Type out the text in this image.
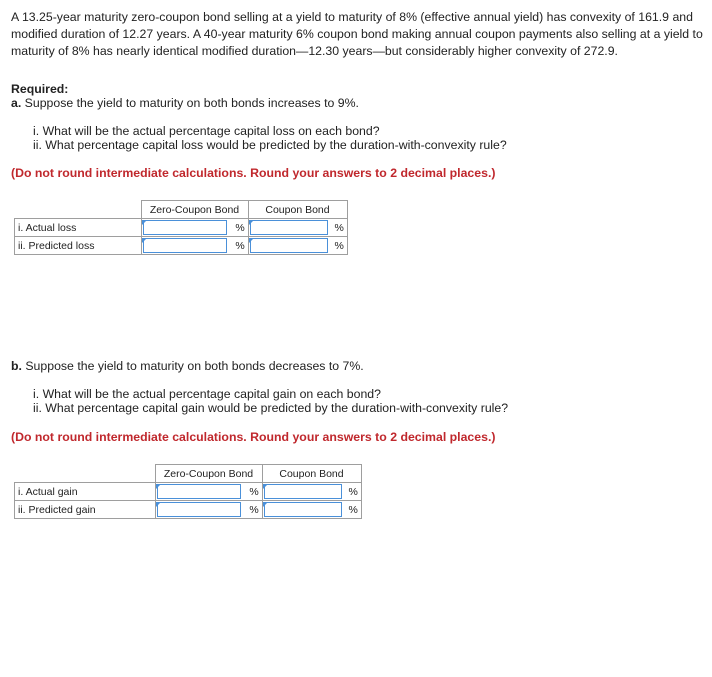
A 13.25-year maturity zero-coupon bond selling at a yield to maturity of 8% (effective annual yield) has convexity of 161.9 and modified duration of 12.27 years. A 40-year maturity 6% coupon bond making annual coupon payments also selling at a yield to maturity of 8% has nearly identical modified duration—12.30 years—but considerably higher convexity of 272.9.

Required:

a. Suppose the yield to maturity on both bonds increases to 9%.

i. What will be the actual percentage capital loss on each bond?

ii. What percentage capital loss would be predicted by the duration-with-convexity rule?

(Do not round intermediate calculations. Round your answers to 2 decimal places.)

	Zero-Coupon Bond		Coupon Bond	
i. Actual loss		%		%
ii. Predicted loss		%		%

b. Suppose the yield to maturity on both bonds decreases to 7%.

i. What will be the actual percentage capital gain on each bond?

ii. What percentage capital gain would be predicted by the duration-with-convexity rule?

(Do not round intermediate calculations. Round your answers to 2 decimal places.)

	Zero-Coupon Bond		Coupon Bond	
i. Actual gain		%		%
ii. Predicted gain		%		%
